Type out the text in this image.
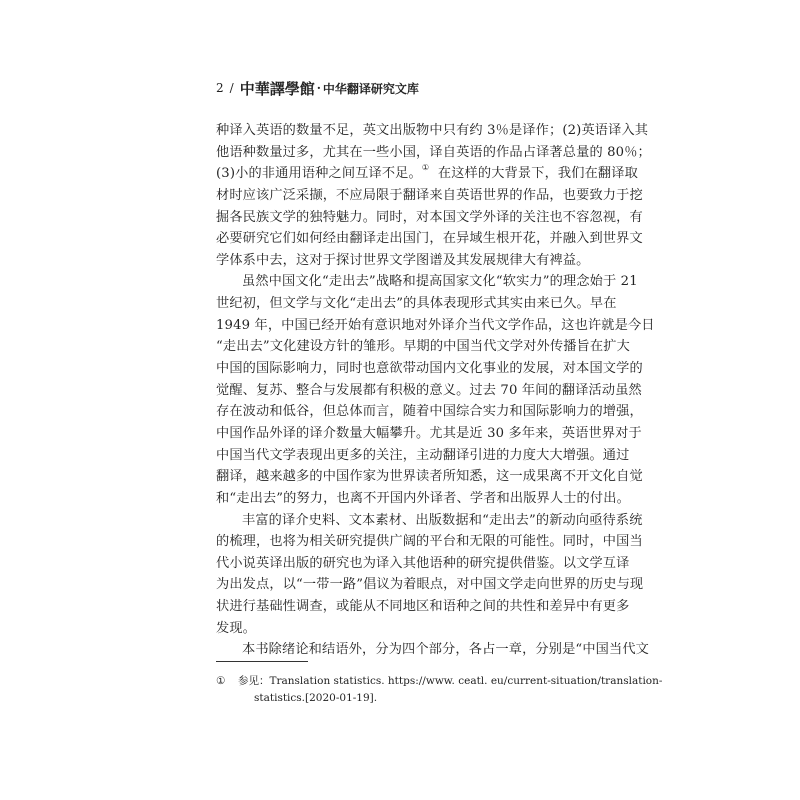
2 / 中華譯學館 · 中华翻译研究文库
种译入英语的数量不足，英文出版物中只有约 3％是译作；(2)英语译入其
他语种数量过多，尤其在一些小国，译自英语的作品占译著总量的 80％；
(3)小的非通用语种之间互译不足。①  在这样的大背景下，我们在翻译取
材时应该广泛采撷，不应局限于翻译来自英语世界的作品，也要致力于挖
掘各民族文学的独特魅力。同时，对本国文学外译的关注也不容忽视，有
必要研究它们如何经由翻译走出国门，在异域生根开花，并融入到世界文
学体系中去，这对于探讨世界文学图谱及其发展规律大有裨益。
虽然中国文化“走出去”战略和提高国家文化“软实力”的理念始于 21
世纪初，但文学与文化“走出去”的具体表现形式其实由来已久。早在
1949 年，中国已经开始有意识地对外译介当代文学作品，这也许就是今日
“走出去”文化建设方针的雏形。早期的中国当代文学对外传播旨在扩大
中国的国际影响力，同时也意欲带动国内文化事业的发展，对本国文学的
觉醒、复苏、整合与发展都有积极的意义。过去 70 年间的翻译活动虽然
存在波动和低谷，但总体而言，随着中国综合实力和国际影响力的增强，
中国作品外译的译介数量大幅攀升。尤其是近 30 多年来，英语世界对于
中国当代文学表现出更多的关注，主动翻译引进的力度大大增强。通过
翻译，越来越多的中国作家为世界读者所知悉，这一成果离不开文化自觉
和“走出去”的努力，也离不开国内外译者、学者和出版界人士的付出。
丰富的译介史料、文本素材、出版数据和“走出去”的新动向亟待系统
的梳理，也将为相关研究提供广阔的平台和无限的可能性。同时，中国当
代小说英译出版的研究也为译入其他语种的研究提供借鉴。以文学互译
为出发点，以“一带一路”倡议为着眼点，对中国文学走向世界的历史与现
状进行基础性调查，或能从不同地区和语种之间的共性和差异中有更多
发现。
本书除绪论和结语外，分为四个部分，各占一章，分别是“中国当代文
① 参见：Translation statistics. https://www. ceatl. eu/current-situation/translation-
statistics.[2020-01-19].
